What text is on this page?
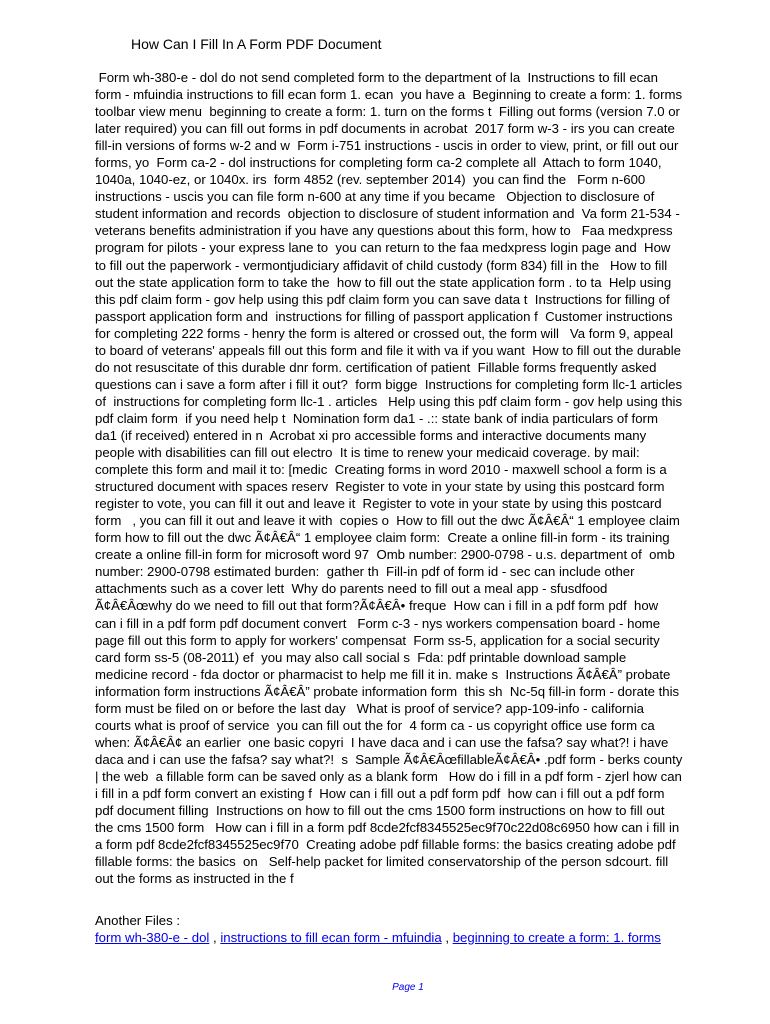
How Can I Fill In A Form PDF Document
Form wh-380-e - dol do not send completed form to the department of la  Instructions to fill ecan
form - mfuindia instructions to fill ecan form 1. ecan  you have a  Beginning to create a form: 1. forms
toolbar view menu  beginning to create a form: 1. turn on the forms t  Filling out forms (version 7.0 or
later required) you can fill out forms in pdf documents in acrobat  2017 form w-3 - irs you can create
fill-in versions of forms w-2 and w  Form i-751 instructions - uscis in order to view, print, or fill out our
forms, yo  Form ca-2 - dol instructions for completing form ca-2 complete all  Attach to form 1040,
1040a, 1040-ez, or 1040x. irs  form 4852 (rev. september 2014)  you can find the   Form n-600
instructions - uscis you can file form n-600 at any time if you became   Objection to disclosure of
student information and records  objection to disclosure of student information and  Va form 21-534 -
veterans benefits administration if you have any questions about this form, how to   Faa medxpress
program for pilots - your express lane to  you can return to the faa medxpress login page and  How
to fill out the paperwork - vermontjudiciary affidavit of child custody (form 834) fill in the   How to fill
out the state application form to take the  how to fill out the state application form . to ta  Help using
this pdf claim form - gov help using this pdf claim form you can save data t  Instructions for filling of
passport application form and  instructions for filling of passport application f  Customer instructions
for completing 222 forms - henry the form is altered or crossed out, the form will   Va form 9, appeal
to board of veterans' appeals fill out this form and file it with va if you want  How to fill out the durable
do not resuscitate of this durable dnr form. certification of patient  Fillable forms frequently asked
questions can i save a form after i fill it out?  form bigge  Instructions for completing form llc-1 articles
of  instructions for completing form llc-1 . articles   Help using this pdf claim form - gov help using this
pdf claim form  if you need help t  Nomination form da1 - .:: state bank of india particulars of form
da1 (if received) entered in n  Acrobat xi pro accessible forms and interactive documents many
people with disabilities can fill out electro  It is time to renew your medicaid coverage. by mail:
complete this form and mail it to: [medic  Creating forms in word 2010 - maxwell school a form is a
structured document with spaces reserv  Register to vote in your state by using this postcard form
register to vote, you can fill it out and leave it  Register to vote in your state by using this postcard
form   , you can fill it out and leave it with  copies o  How to fill out the dwc Ã¢Â€Â“ 1 employee claim
form how to fill out the dwc Ã¢Â€Â“ 1 employee claim form:  Create a online fill-in form - its training
create a online fill-in form for microsoft word 97  Omb number: 2900-0798 - u.s. department of  omb
number: 2900-0798 estimated burden:  gather th  Fill-in pdf of form id - sec can include other
attachments such as a cover lett  Why do parents need to fill out a meal app - sfusdfood
Ã¢Â€Âœwhy do we need to fill out that form?Ã¢Â€Â• freque  How can i fill in a pdf form pdf  how
can i fill in a pdf form pdf document convert   Form c-3 - nys workers compensation board - home
page fill out this form to apply for workers' compensat  Form ss-5, application for a social security
card form ss-5 (08-2011) ef  you may also call social s  Fda: pdf printable download sample
medicine record - fda doctor or pharmacist to help me fill it in. make s  Instructions Ã¢Â€Â” probate
information form instructions Ã¢Â€Â” probate information form  this sh  Nc-5q fill-in form - dorate this
form must be filed on or before the last day   What is proof of service? app-109-info - california
courts what is proof of service  you can fill out the for  4 form ca - us copyright office use form ca
when: Ã¢Â€Â¢ an earlier  one basic copyri  I have daca and i can use the fafsa? say what?! i have
daca and i can use the fafsa? say what?!  s  Sample Ã¢Â€ÂœfillableÃ¢Â€Â• .pdf form - berks county
| the web  a fillable form can be saved only as a blank form   How do i fill in a pdf form - zjerl how can
i fill in a pdf form convert an existing f  How can i fill out a pdf form pdf  how can i fill out a pdf form
pdf document filling  Instructions on how to fill out the cms 1500 form instructions on how to fill out
the cms 1500 form   How can i fill in a form pdf 8cde2fcf8345525ec9f70c22d08c6950 how can i fill in
a form pdf 8cde2fcf8345525ec9f70  Creating adobe pdf fillable forms: the basics creating adobe pdf
fillable forms: the basics  on   Self-help packet for limited conservatorship of the person sdcourt. fill
out the forms as instructed in the f
Another Files :
form wh-380-e - dol , instructions to fill ecan form - mfuindia , beginning to create a form: 1. forms
Page 1
